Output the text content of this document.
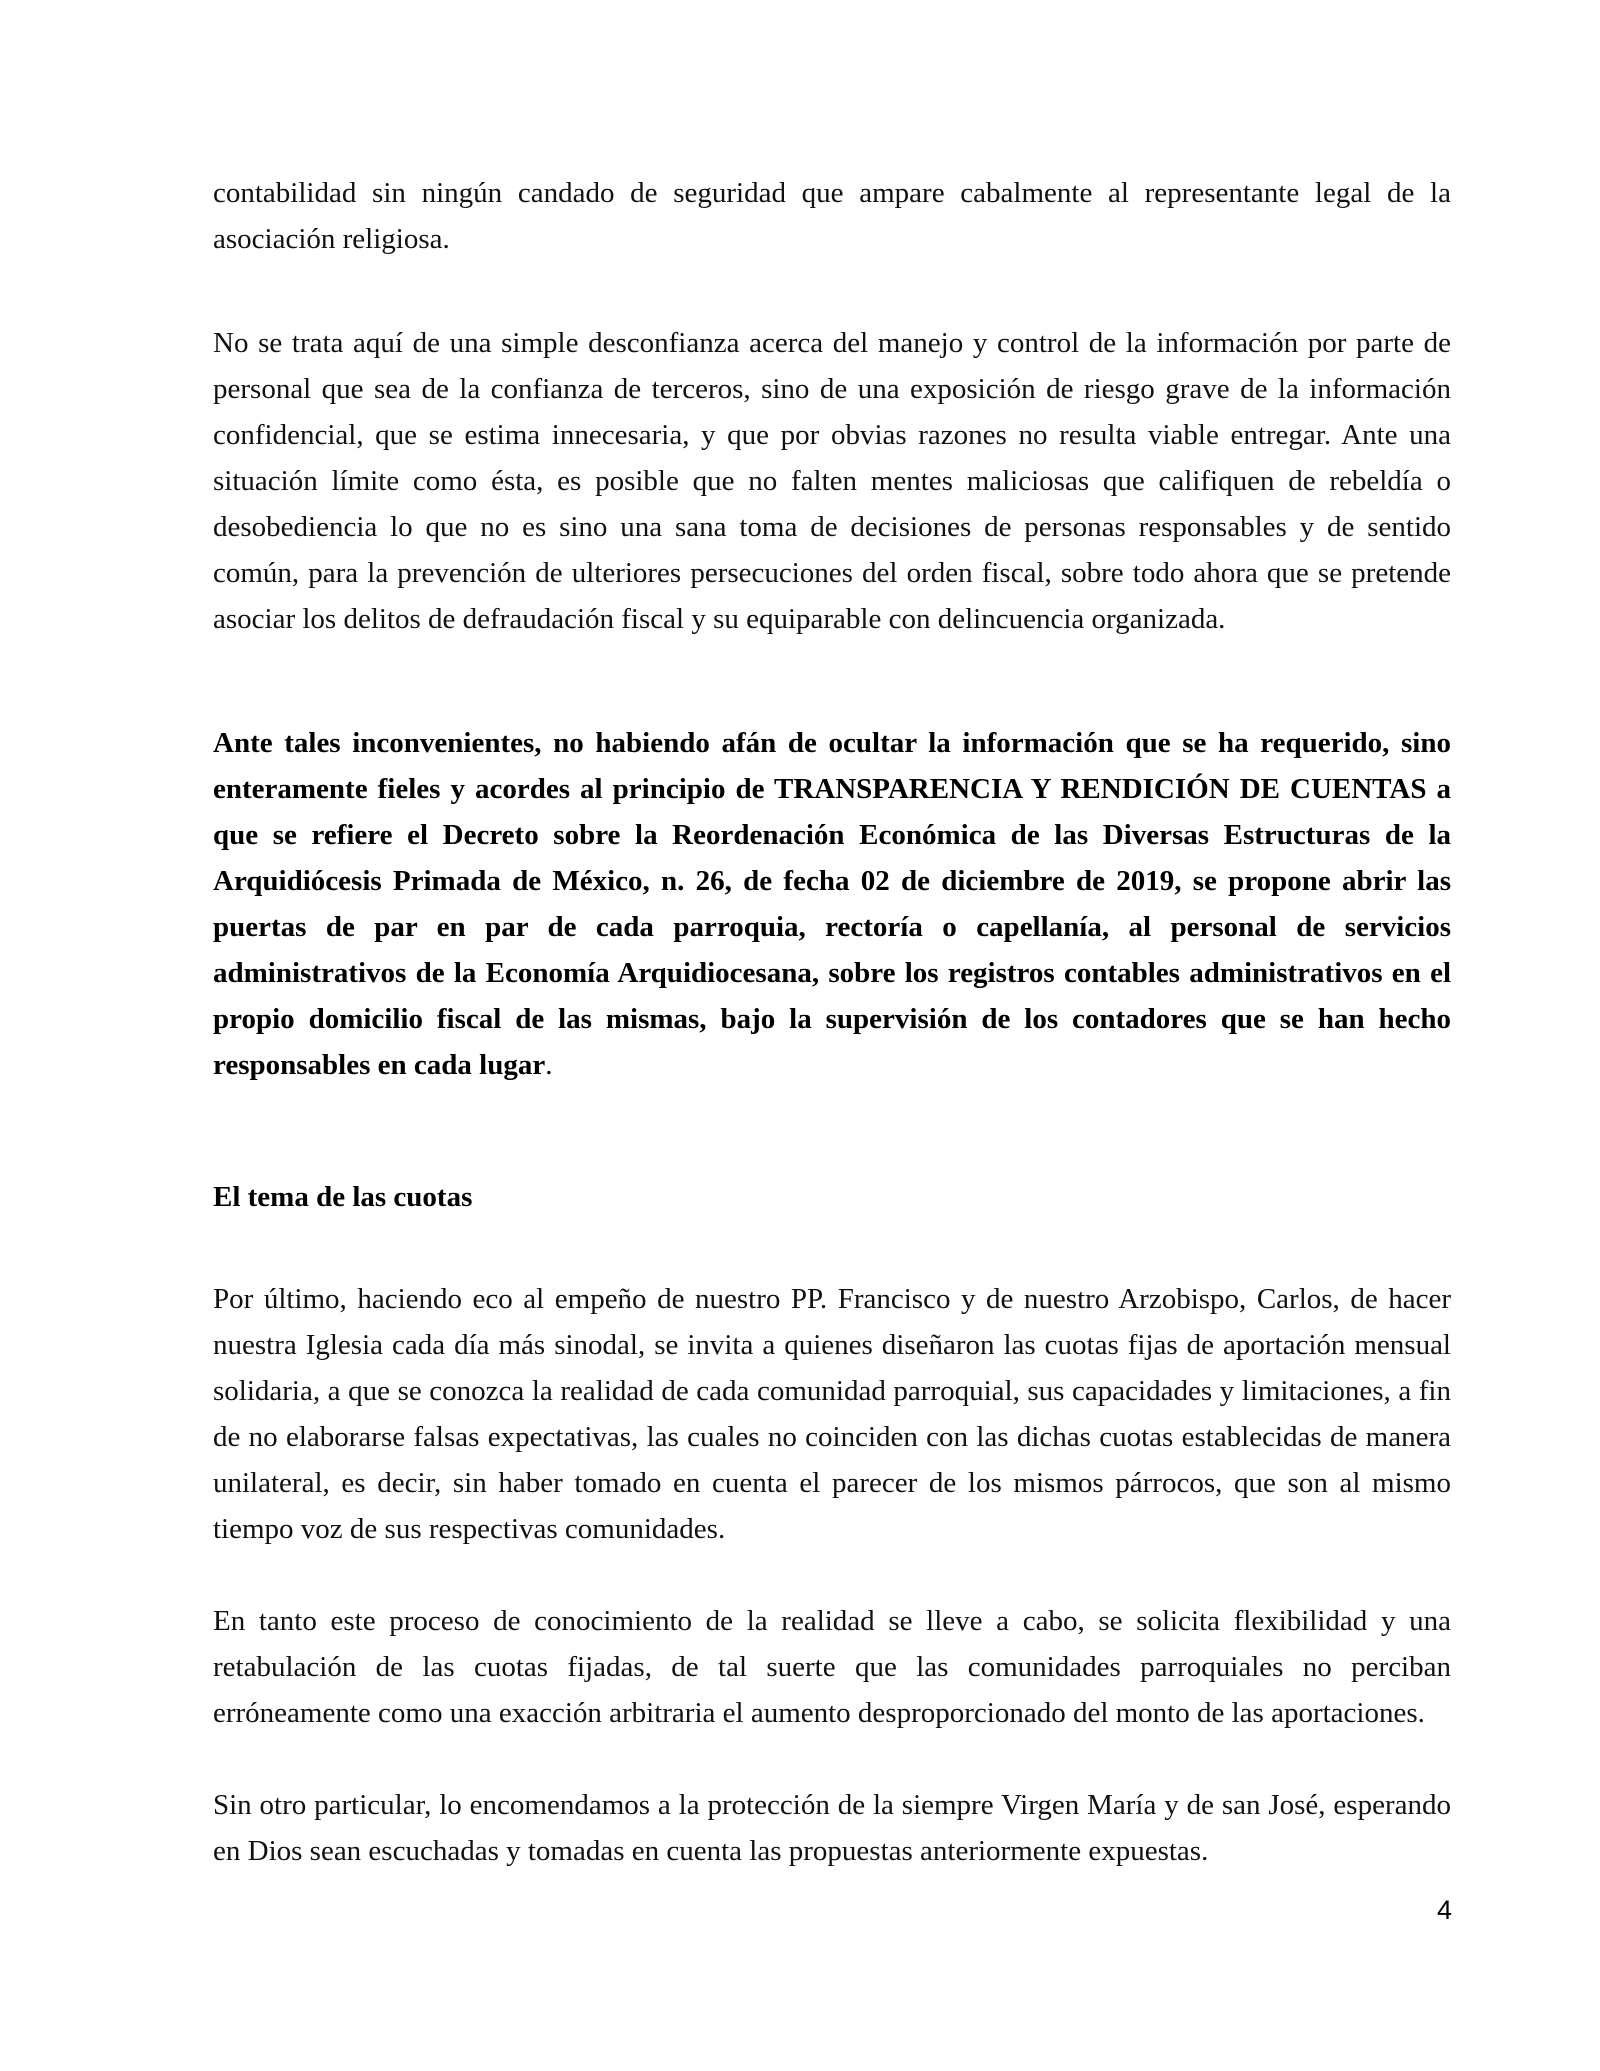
contabilidad sin ningún candado de seguridad que ampare cabalmente al representante legal de la asociación religiosa.

No se trata aquí de una simple desconfianza acerca del manejo y control de la información por parte de personal que sea de la confianza de terceros, sino de una exposición de riesgo grave de la información confidencial, que se estima innecesaria, y que por obvias razones no resulta viable entregar. Ante una situación límite como ésta, es posible que no falten mentes maliciosas que califiquen de rebeldía o desobediencia lo que no es sino una sana toma de decisiones de personas responsables y de sentido común, para la prevención de ulteriores persecuciones del orden fiscal, sobre todo ahora que se pretende asociar los delitos de defraudación fiscal y su equiparable con delincuencia organizada.

Ante tales inconvenientes, no habiendo afán de ocultar la información que se ha requerido, sino enteramente fieles y acordes al principio de TRANSPARENCIA Y RENDICIÓN DE CUENTAS a que se refiere el Decreto sobre la Reordenación Económica de las Diversas Estructuras de la Arquidiócesis Primada de México, n. 26, de fecha 02 de diciembre de 2019, se propone abrir las puertas de par en par de cada parroquia, rectoría o capellanía, al personal de servicios administrativos de la Economía Arquidiocesana, sobre los registros contables administrativos en el propio domicilio fiscal de las mismas, bajo la supervisión de los contadores que se han hecho responsables en cada lugar.

El tema de las cuotas

Por último, haciendo eco al empeño de nuestro PP. Francisco y de nuestro Arzobispo, Carlos, de hacer nuestra Iglesia cada día más sinodal, se invita a quienes diseñaron las cuotas fijas de aportación mensual solidaria, a que se conozca la realidad de cada comunidad parroquial, sus capacidades y limitaciones, a fin de no elaborarse falsas expectativas, las cuales no coinciden con las dichas cuotas establecidas de manera unilateral, es decir, sin haber tomado en cuenta el parecer de los mismos párrocos, que son al mismo tiempo voz de sus respectivas comunidades.

En tanto este proceso de conocimiento de la realidad se lleve a cabo, se solicita flexibilidad y una retabulación de las cuotas fijadas, de tal suerte que las comunidades parroquiales no perciban erróneamente como una exacción arbitraria el aumento desproporcionado del monto de las aportaciones.

Sin otro particular, lo encomendamos a la protección de la siempre Virgen María y de san José, esperando en Dios sean escuchadas y tomadas en cuenta las propuestas anteriormente expuestas.

4
